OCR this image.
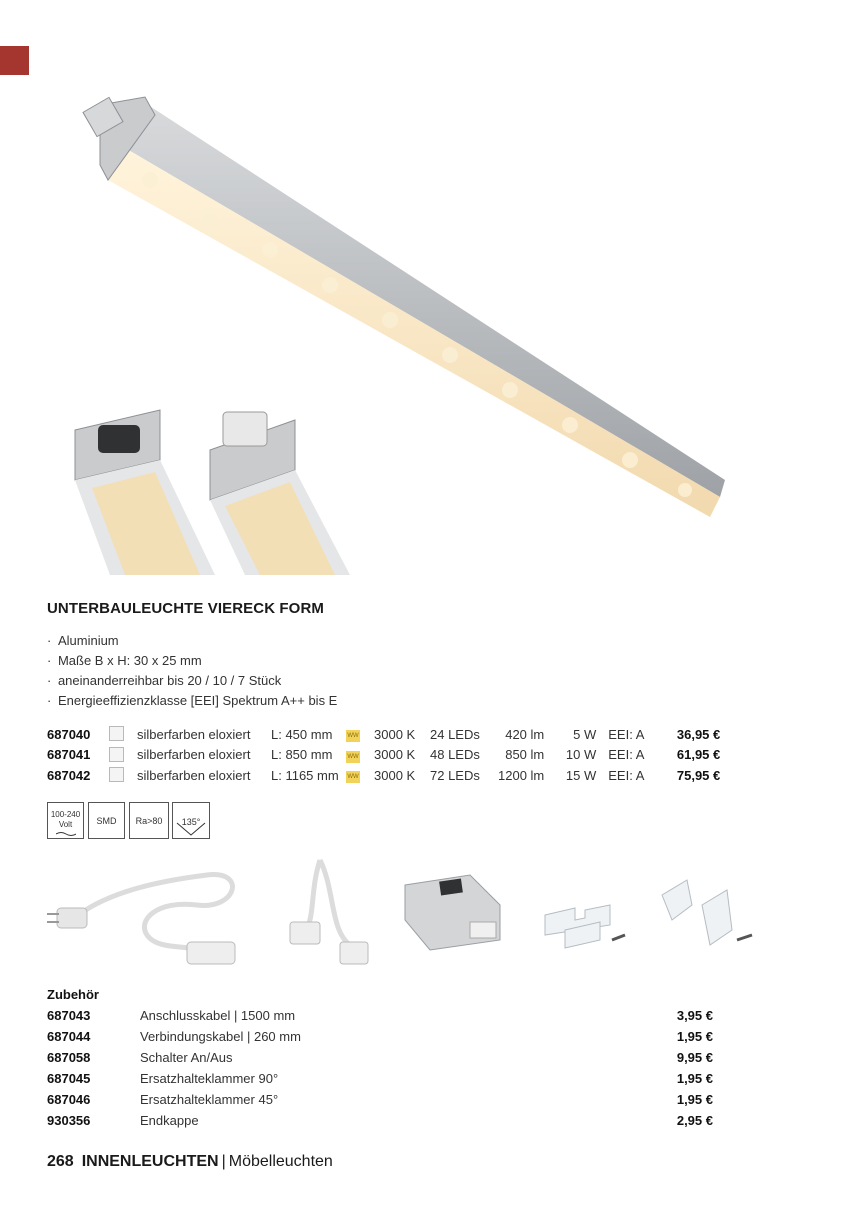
UNTERBAULEUCHTE VIERECK FORM
· Aluminium
· Maße B x H: 30 x 25 mm
· aneinanderreihbar bis 20 / 10 / 7 Stück
· Energieeffizienzklasse [EEI] Spektrum A++ bis E
687040		silberfarben eloxiert	L: 450 mm	WW	3000 K	24 LEDs	420 lm	5 W	EEI: A	36,95 €
687041		silberfarben eloxiert	L: 850 mm	WW	3000 K	48 LEDs	850 lm	10 W	EEI: A	61,95 €
687042		silberfarben eloxiert	L: 1165 mm	WW	3000 K	72 LEDs	1200 lm	15 W	EEI: A	75,95 €
100-240
Volt	SMD	Ra>80	135°
Zubehör
687043	Anschlusskabel | 1500 mm	3,95 €
687044	Verbindungskabel | 260 mm	1,95 €
687058	Schalter An/Aus	9,95 €
687045	Ersatzhalteklammer 90°	1,95 €
687046	Ersatzhalteklammer 45°	1,95 €
930356	Endkappe	2,95 €
268 INNENLEUCHTEN | Möbelleuchten
